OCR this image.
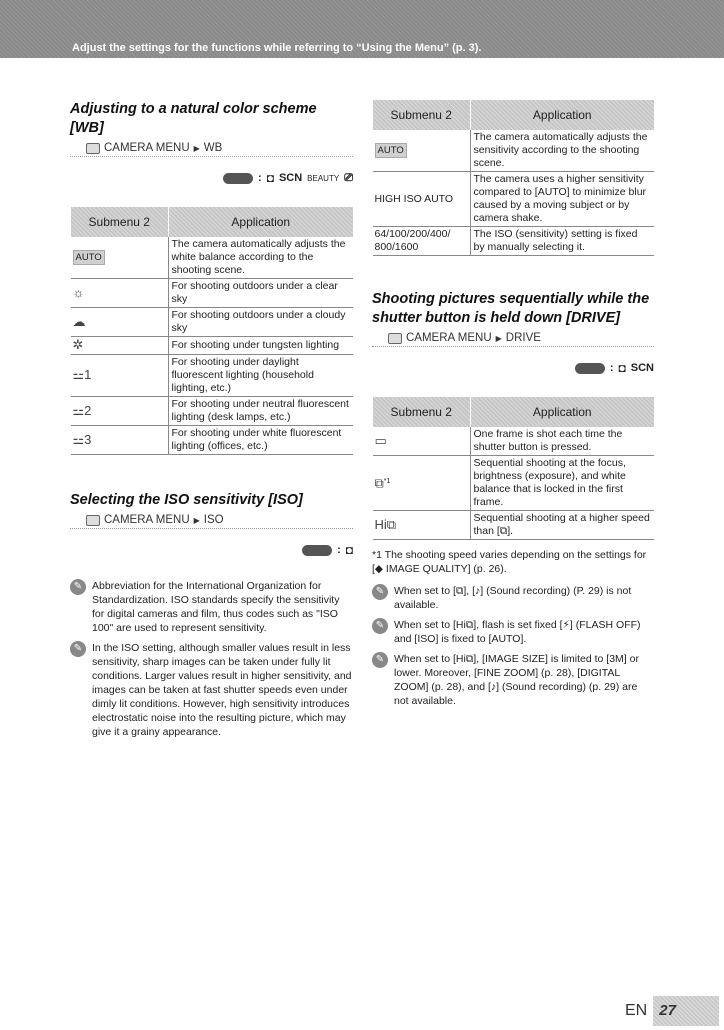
Adjust the settings for the functions while referring to “Using the Menu” (p. 3).
Adjusting to a natural color scheme [WB]
CAMERA MENU ▶ WB
: ◘ SCN BEAUTY ⎚
Submenu 2	Application
AUTO	The camera automatically adjusts the white balance according to the shooting scene.
☼	For shooting outdoors under a clear sky
☁	For shooting outdoors under a cloudy sky
✲	For shooting under tungsten lighting
⚍1	For shooting under daylight fluorescent lighting (household lighting, etc.)
⚍2	For shooting under neutral fluorescent lighting (desk lamps, etc.)
⚍3	For shooting under white fluorescent lighting (offices, etc.)
Selecting the ISO sensitivity [ISO]
CAMERA MENU ▶ ISO
: ◘
✎ Abbreviation for the International Organization for Standardization. ISO standards specify the sensitivity for digital cameras and film, thus codes such as "ISO 100" are used to represent sensitivity.
✎ In the ISO setting, although smaller values result in less sensitivity, sharp images can be taken under fully lit conditions. Larger values result in higher sensitivity, and images can be taken at fast shutter speeds even under dimly lit conditions. However, high sensitivity introduces electrostatic noise into the resulting picture, which may give it a grainy appearance.
Submenu 2	Application
AUTO	The camera automatically adjusts the sensitivity according to the shooting scene.
HIGH ISO AUTO	The camera uses a higher sensitivity compared to [AUTO] to minimize blur caused by a moving subject or by camera shake.
64/100/200/400/ 800/1600	The ISO (sensitivity) setting is fixed by manually selecting it.
Shooting pictures sequentially while the shutter button is held down [DRIVE]
CAMERA MENU ▶ DRIVE
: ◘ SCN
Submenu 2	Application
▭	One frame is shot each time the shutter button is pressed.
⧉$^{*1}$	Sequential shooting at the focus, brightness (exposure), and white balance that is locked in the first frame.
Hi⧉	Sequential shooting at a higher speed than [⧉].
*1 The shooting speed varies depending on the settings for [◆ IMAGE QUALITY] (p. 26).
✎ When set to [⧉], [♪] (Sound recording) (P. 29) is not available.
✎ When set to [Hi⧉], flash is set fixed [⚡] (FLASH OFF) and [ISO] is fixed to [AUTO].
✎ When set to [Hi⧉], [IMAGE SIZE] is limited to [3M] or lower. Moreover, [FINE ZOOM] (p. 28), [DIGITAL ZOOM] (p. 28), and [♪] (Sound recording) (p. 29) are not available.
EN 27
